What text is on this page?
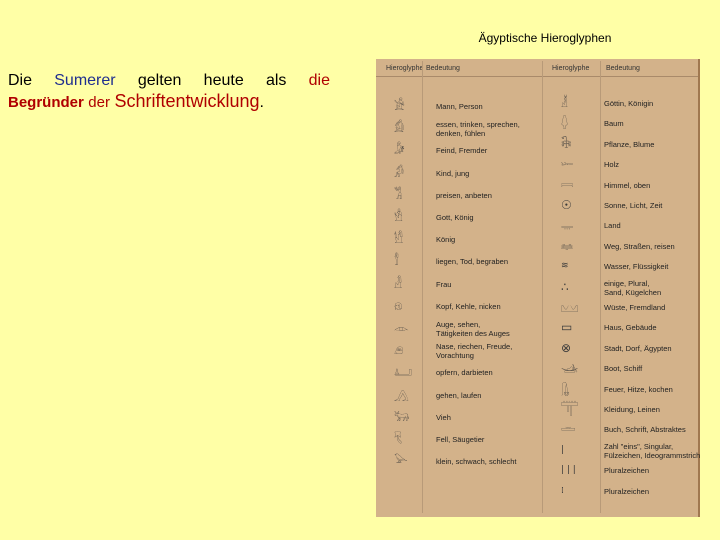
Ägyptische Hieroglyphen
Die Sumerer gelten heute als die
Begründer der Schriftentwicklung.
Hieroglyphe Bedeutung	Hieroglyphe Bedeutung
𓀀	Mann, Person
𓀁	essen, trinken, sprechen,
denken, fühlen
𓀏	Feind, Fremder
𓀔	Kind, jung
𓀢	preisen, anbeten
𓁛	Gott, König
𓀮	König
𓀾	liegen, Tod, begraben
𓁐	Frau
𓁶	Kopf, Kehle, nicken
𓁹	Auge, sehen,
Tätigkeiten des Auges
𓂉	Nase, riechen, Freude,
Vorachtung
𓂞	opfern, darbieten
𓂻	gehen, laufen
𓃒	Vieh
𓄛	Fell, Säugetier
𓅪	klein, schwach, schlecht
𓁥	Göttin, Königin
𓆭	Baum
𓇗	Pflanze, Blume
𓆱	Holz
𓇯	Himmel, oben
☉	Sonne, Licht, Zeit
𓇾	Land
𓈐	Weg, Straßen, reisen
≋	Wasser, Flüssigkeit
∴	einige, Plural,
Sand, Kügelchen
𓈉	Wüste, Fremdland
▭	Haus, Gebäude
⊗	Stadt, Dorf, Ägypten
𓊛	Boot, Schiff
𓊮	Feuer, Hitze, kochen
𓋳	Kleidung, Leinen
𓏛	Buch, Schrift, Abstraktes
|	Zahl "eins", Singular,
Fülzeichen, Ideogrammstrich
| | |	Pluralzeichen
⁞	Pluralzeichen
